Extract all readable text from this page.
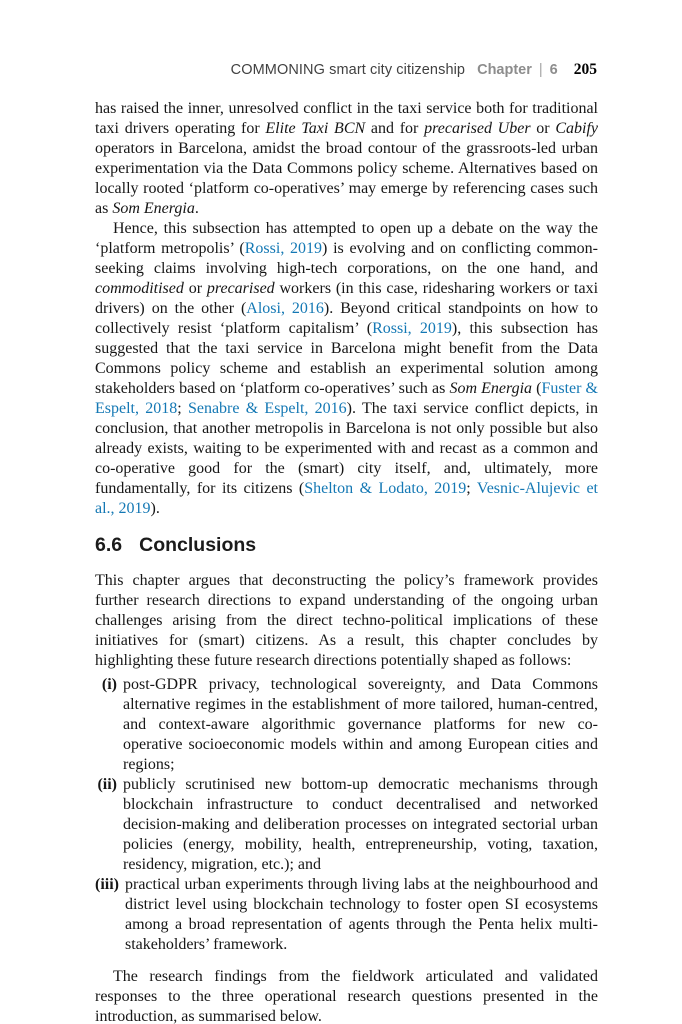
COMMONING smart city citizenship Chapter | 6 205

has raised the inner, unresolved conflict in the taxi service both for traditional taxi drivers operating for Elite Taxi BCN and for precarised Uber or Cabify operators in Barcelona, amidst the broad contour of the grassroots-led urban experimentation via the Data Commons policy scheme. Alternatives based on locally rooted ‘platform co-operatives’ may emerge by referencing cases such as Som Energia.

Hence, this subsection has attempted to open up a debate on the way the ‘platform metropolis’ (Rossi, 2019) is evolving and on conflicting common-seeking claims involving high-tech corporations, on the one hand, and commoditised or precarised workers (in this case, ridesharing workers or taxi drivers) on the other (Alosi, 2016). Beyond critical standpoints on how to collectively resist ‘platform capitalism’ (Rossi, 2019), this subsection has suggested that the taxi service in Barcelona might benefit from the Data Commons policy scheme and establish an experimental solution among stakeholders based on ‘platform co-operatives’ such as Som Energia (Fuster & Espelt, 2018; Senabre & Espelt, 2016). The taxi service conflict depicts, in conclusion, that another metropolis in Barcelona is not only possible but also already exists, waiting to be experimented with and recast as a common and co-operative good for the (smart) city itself, and, ultimately, more fundamentally, for its citizens (Shelton & Lodato, 2019; Vesnic-Alujevic et al., 2019).

6.6 Conclusions

This chapter argues that deconstructing the policy’s framework provides further research directions to expand understanding of the ongoing urban challenges arising from the direct techno-political implications of these initiatives for (smart) citizens. As a result, this chapter concludes by highlighting these future research directions potentially shaped as follows:

(i) post-GDPR privacy, technological sovereignty, and Data Commons alternative regimes in the establishment of more tailored, human-centred, and context-aware algorithmic governance platforms for new co-operative socioeconomic models within and among European cities and regions;
(ii) publicly scrutinised new bottom-up democratic mechanisms through blockchain infrastructure to conduct decentralised and networked decision-making and deliberation processes on integrated sectorial urban policies (energy, mobility, health, entrepreneurship, voting, taxation, residency, migration, etc.); and
(iii) practical urban experiments through living labs at the neighbourhood and district level using blockchain technology to foster open SI ecosystems among a broad representation of agents through the Penta helix multi-stakeholders’ framework.

The research findings from the fieldwork articulated and validated responses to the three operational research questions presented in the introduction, as summarised below.
